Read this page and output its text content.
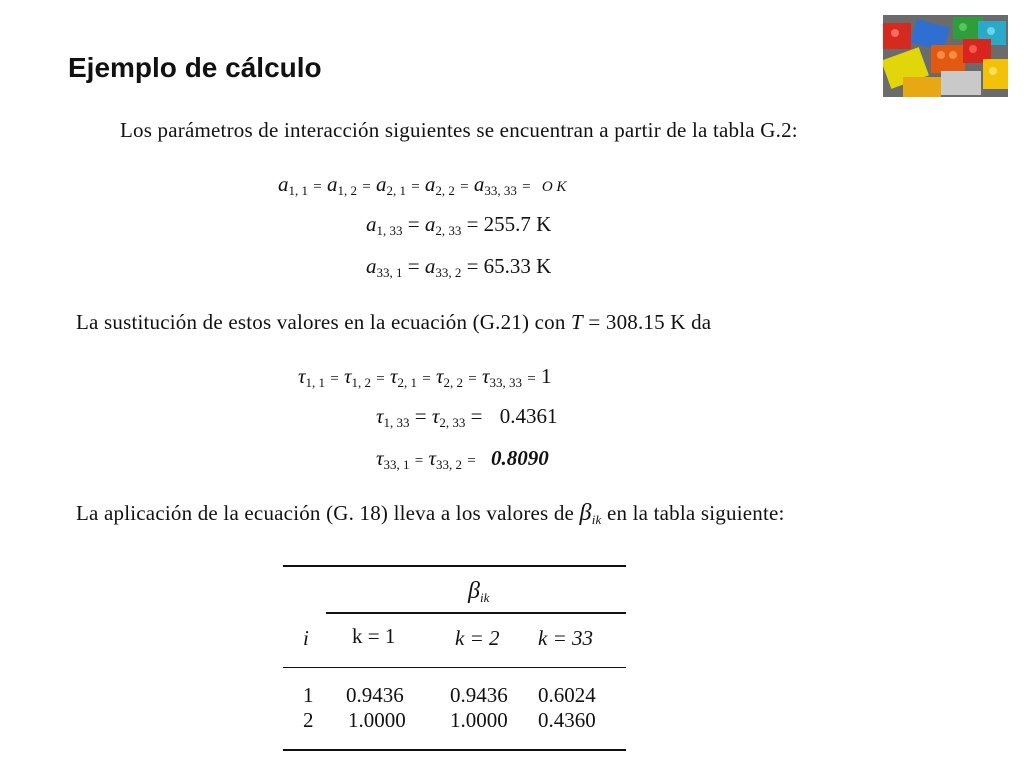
Ejemplo de cálculo
Los parámetros de interacción siguientes se encuentran a partir de la tabla G.2:
$a_{1, 1} = a_{1, 2} = a_{2, 1} = a_{2, 2} = a_{33, 33} = O$ K
$a_{1, 33} = a_{2, 33} = 255.7$ K
$a_{33, 1} = a_{33, 2} = 65.33$ K
La sustitución de estos valores en la ecuación (G.21) con T = 308.15 K da
$\tau_{1, 1} = \tau_{1, 2} = \tau_{2, 1} = \tau_{2, 2} = \tau_{33, 33} = 1$
$\tau_{1, 33} = \tau_{2, 33} = 0.4361$
$\tau_{33, 1} = \tau_{33, 2} = 0.8090$
La aplicación de la ecuación (G. 18) lleva a los valores de $\beta_{ik}$ en la tabla siguiente:
$\beta_{ik}$
i k = 1	k = 2 k = 33
1 0.9436 0.9436 0.6024
2 1.0000 1.0000 0.4360
